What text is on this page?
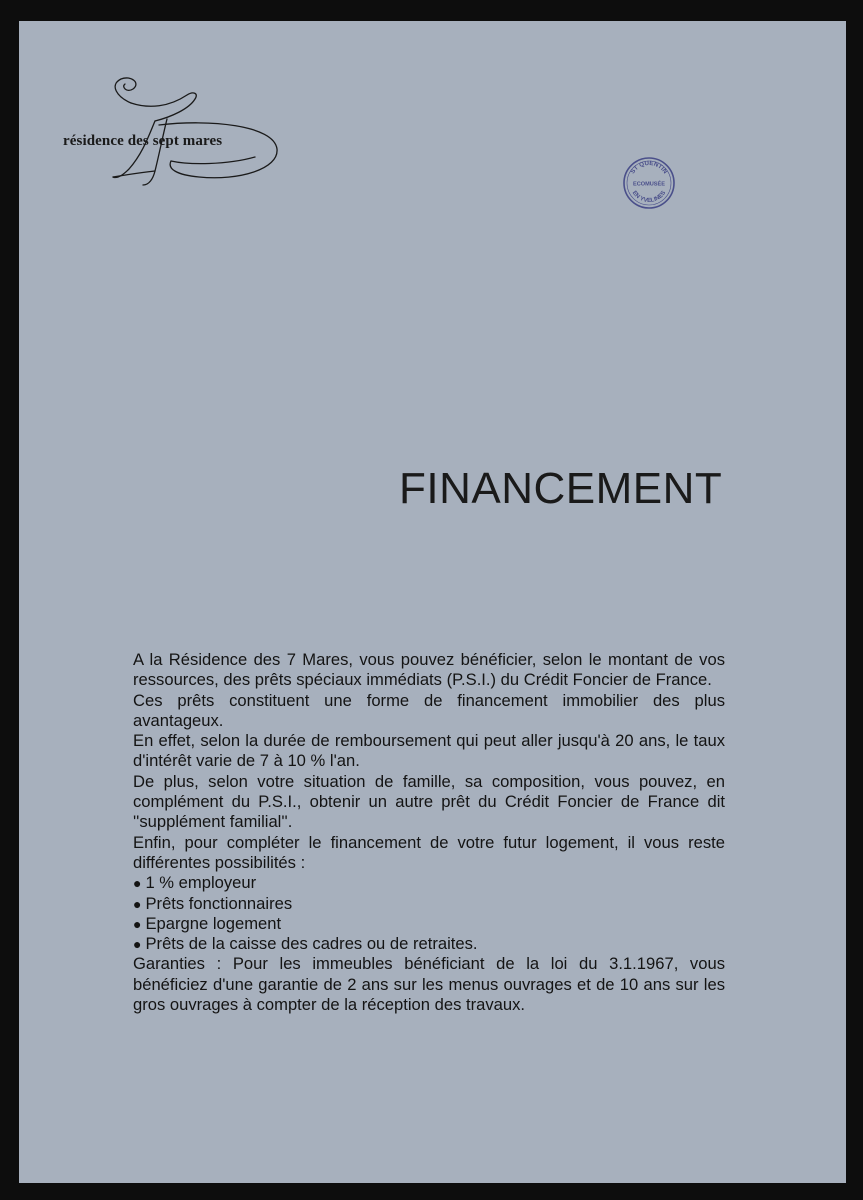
résidence des sept mares
ST QUENTIN
ECOMUSÉE
EN YVELINES
FINANCEMENT

A la Résidence des 7 Mares, vous pouvez bénéficier, selon le montant de vos ressources, des prêts spéciaux immédiats (P.S.I.) du Crédit Foncier de France.

Ces prêts constituent une forme de financement immobilier des plus avantageux.

En effet, selon la durée de remboursement qui peut aller jusqu'à 20 ans, le taux d'intérêt varie de 7 à 10 % l'an.

De plus, selon votre situation de famille, sa composition, vous pouvez, en complément du P.S.I., obtenir un autre prêt du Crédit Foncier de France dit ''supplément familial''.

Enfin, pour compléter le financement de votre futur logement, il vous reste différentes possibilités :

● 1 % employeur
● Prêts fonctionnaires
● Epargne logement
● Prêts de la caisse des cadres ou de retraites.

Garanties : Pour les immeubles bénéficiant de la loi du 3.1.1967, vous bénéficiez d'une garantie de 2 ans sur les menus ouvrages et de 10 ans sur les gros ouvrages à compter de la réception des travaux.
